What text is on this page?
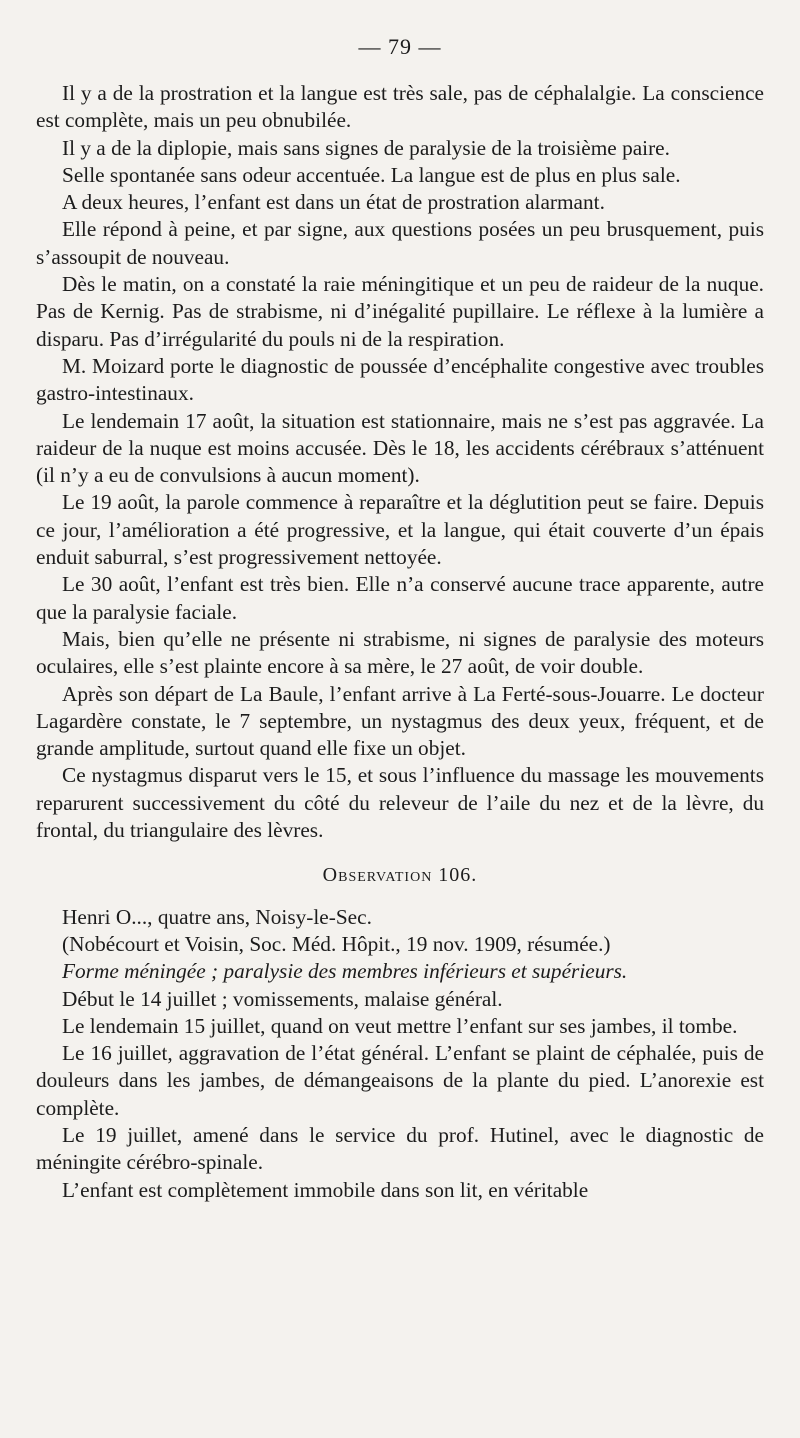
— 79 —

Il y a de la prostration et la langue est très sale, pas de céphalalgie. La conscience est complète, mais un peu obnubilée.

Il y a de la diplopie, mais sans signes de paralysie de la troisième paire.

Selle spontanée sans odeur accentuée. La langue est de plus en plus sale.

A deux heures, l’enfant est dans un état de prostration alarmant.

Elle répond à peine, et par signe, aux questions posées un peu brusquement, puis s’assoupit de nouveau.

Dès le matin, on a constaté la raie méningitique et un peu de raideur de la nuque. Pas de Kernig. Pas de strabisme, ni d’inégalité pupillaire. Le réflexe à la lumière a disparu. Pas d’irrégularité du pouls ni de la respiration.

M. Moizard porte le diagnostic de poussée d’encéphalite congestive avec troubles gastro-intestinaux.

Le lendemain 17 août, la situation est stationnaire, mais ne s’est pas aggravée. La raideur de la nuque est moins accusée. Dès le 18, les accidents cérébraux s’atténuent (il n’y a eu de convulsions à aucun moment).

Le 19 août, la parole commence à reparaître et la déglutition peut se faire. Depuis ce jour, l’amélioration a été progressive, et la langue, qui était couverte d’un épais enduit saburral, s’est progressivement nettoyée.

Le 30 août, l’enfant est très bien. Elle n’a conservé aucune trace apparente, autre que la paralysie faciale.

Mais, bien qu’elle ne présente ni strabisme, ni signes de paralysie des moteurs oculaires, elle s’est plainte encore à sa mère, le 27 août, de voir double.

Après son départ de La Baule, l’enfant arrive à La Ferté-sous-Jouarre. Le docteur Lagardère constate, le 7 septembre, un nystagmus des deux yeux, fréquent, et de grande amplitude, surtout quand elle fixe un objet.

Ce nystagmus disparut vers le 15, et sous l’influence du massage les mouvements reparurent successivement du côté du releveur de l’aile du nez et de la lèvre, du frontal, du triangulaire des lèvres.

Observation 106.

Henri O..., quatre ans, Noisy-le-Sec.

(Nobécourt et Voisin, Soc. Méd. Hôpit., 19 nov. 1909, résumée.)

Forme méningée ; paralysie des membres inférieurs et supérieurs.

Début le 14 juillet ; vomissements, malaise général.

Le lendemain 15 juillet, quand on veut mettre l’enfant sur ses jambes, il tombe.

Le 16 juillet, aggravation de l’état général. L’enfant se plaint de céphalée, puis de douleurs dans les jambes, de démangeaisons de la plante du pied. L’anorexie est complète.

Le 19 juillet, amené dans le service du prof. Hutinel, avec le diagnostic de méningite cérébro-spinale.

L’enfant est complètement immobile dans son lit, en véritable
